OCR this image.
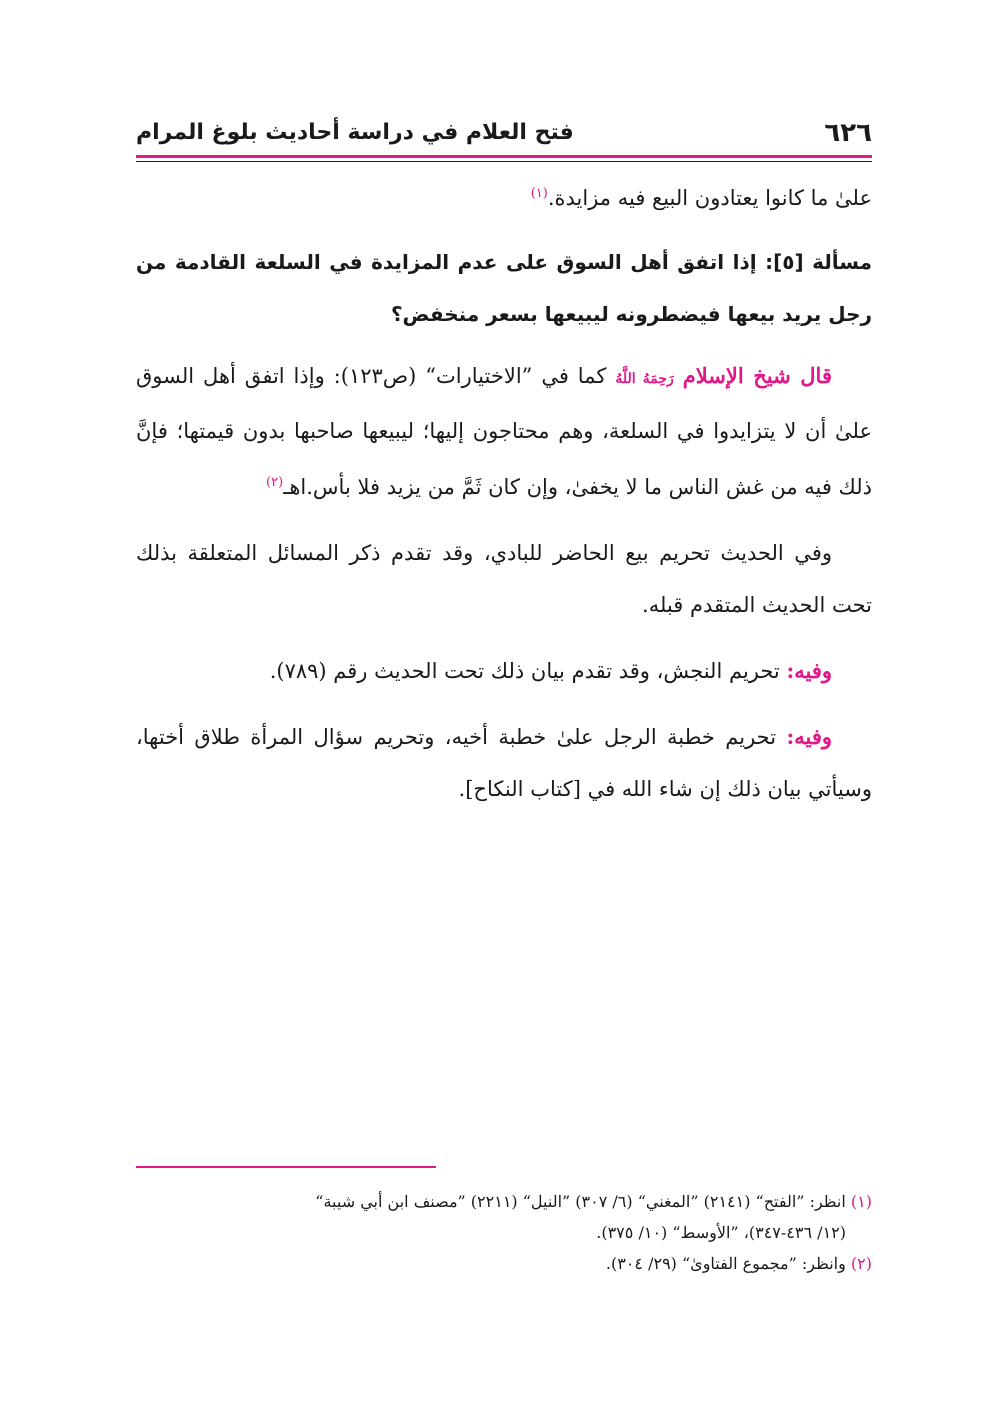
٦٢٦
فتح العلام في دراسة أحاديث بلوغ المرام

علىٰ ما كانوا يعتادون البيع فيه مزايدة.$^{(١)}$

مسألة [٥]: إذا اتفق أهل السوق على عدم المزايدة في السلعة القادمة من رجل يريد بيعها فيضطرونه ليبيعها بسعر منخفض؟

قال شيخ الإسلام رَحِمَهُ اللَّهُ كما في ”الاختيارات“ (ص١٢٣): وإذا اتفق أهل السوق علىٰ أن لا يتزايدوا في السلعة، وهم محتاجون إليها؛ ليبيعها صاحبها بدون قيمتها؛ فإنَّ ذلك فيه من غش الناس ما لا يخفىٰ، وإن كان ثَمَّ من يزيد فلا بأس.اهـ$^{(٢)}$

وفي الحديث تحريم بيع الحاضر للبادي، وقد تقدم ذكر المسائل المتعلقة بذلك تحت الحديث المتقدم قبله.

وفيه: تحريم النجش، وقد تقدم بيان ذلك تحت الحديث رقم (٧٨٩).

وفيه: تحريم خطبة الرجل علىٰ خطبة أخيه، وتحريم سؤال المرأة طلاق أختها، وسيأتي بيان ذلك إن شاء الله في [كتاب النكاح].

(١) انظر: ”الفتح“ (٢١٤١) ”المغني“ (٦/ ٣٠٧) ”النيل“ (٢٢١١) ”مصنف ابن أبي شيبة“

(١٢/ ٤٣٦-٣٤٧)، ”الأوسط“ (١٠/ ٣٧٥).

(٢) وانظر: ”مجموع الفتاوىٰ“ (٢٩/ ٣٠٤).
